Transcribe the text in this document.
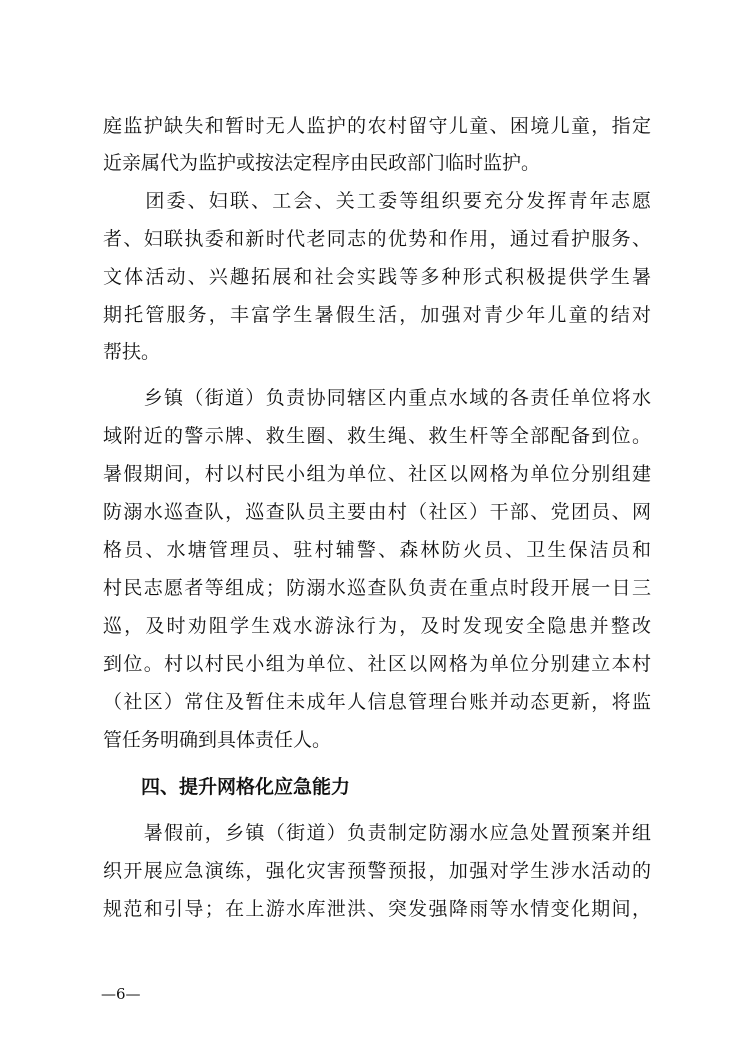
庭监护缺失和暂时无人监护的农村留守儿童、困境儿童，指定
近亲属代为监护或按法定程序由民政部门临时监护。
　　团委、妇联、工会、关工委等组织要充分发挥青年志愿
者、妇联执委和新时代老同志的优势和作用，通过看护服务、
文体活动、兴趣拓展和社会实践等多种形式积极提供学生暑
期托管服务，丰富学生暑假生活，加强对青少年儿童的结对
帮扶。
　　乡镇（街道）负责协同辖区内重点水域的各责任单位将水
域附近的警示牌、救生圈、救生绳、救生杆等全部配备到位。
暑假期间，村以村民小组为单位、社区以网格为单位分别组建
防溺水巡查队，巡查队员主要由村（社区）干部、党团员、网
格员、水塘管理员、驻村辅警、森林防火员、卫生保洁员和
村民志愿者等组成；防溺水巡查队负责在重点时段开展一日三
巡，及时劝阻学生戏水游泳行为，及时发现安全隐患并整改
到位。村以村民小组为单位、社区以网格为单位分别建立本村
（社区）常住及暂住未成年人信息管理台账并动态更新，将监
管任务明确到具体责任人。
　　四、提升网格化应急能力
　　暑假前，乡镇（街道）负责制定防溺水应急处置预案并组
织开展应急演练，强化灾害预警预报，加强对学生涉水活动的
规范和引导；在上游水库泄洪、突发强降雨等水情变化期间，
—6—
